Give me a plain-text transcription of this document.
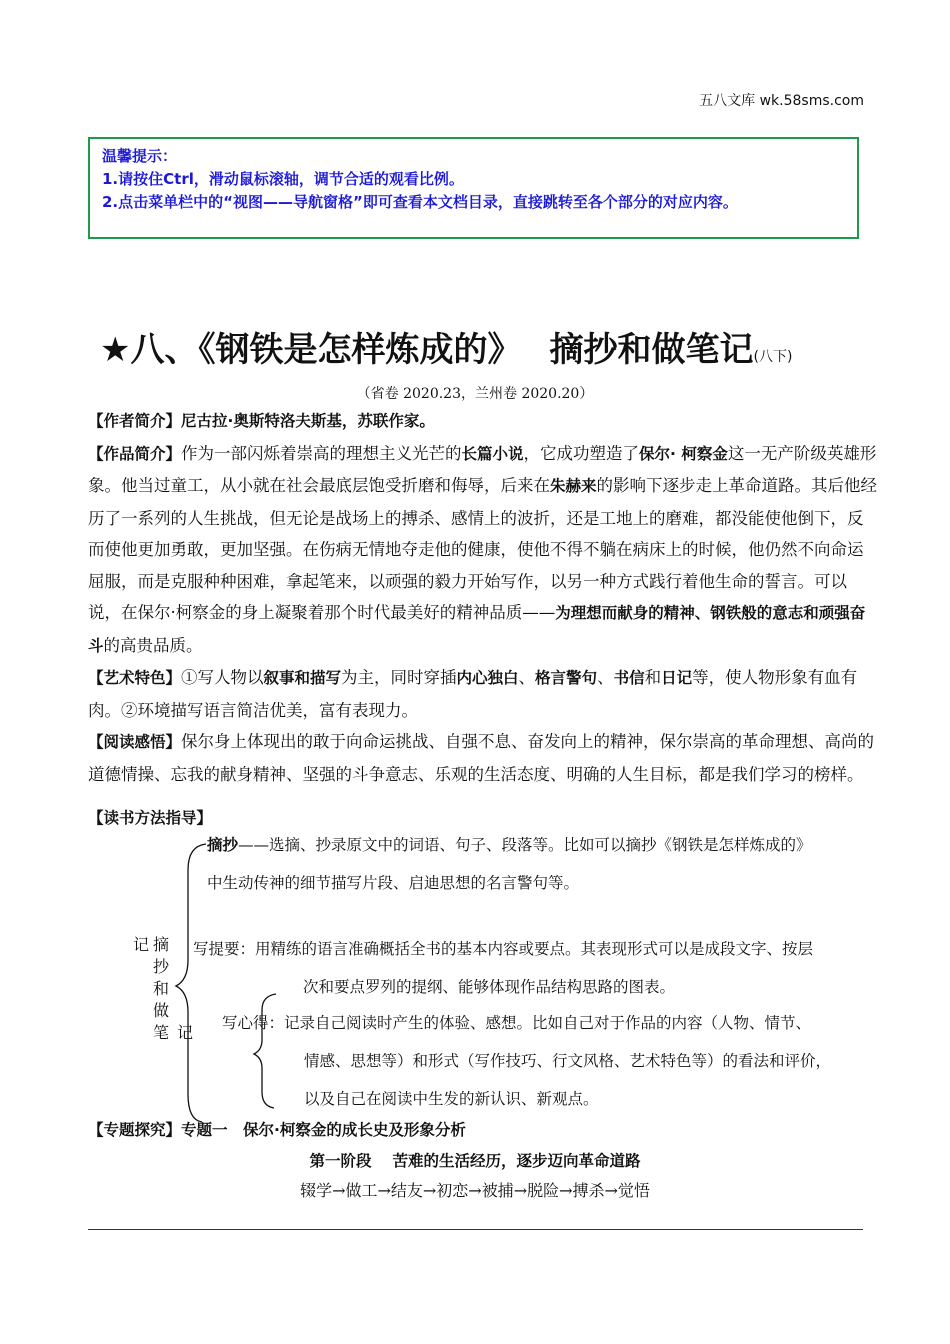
五八文库 wk.58sms.com
温馨提示：
1.请按住Ctrl，滑动鼠标滚轴，调节合适的观看比例。
2.点击菜单栏中的“视图——导航窗格”即可查看本文档目录，直接跳转至各个部分的对应内容。
★八、《钢铁是怎样炼成的》 摘抄和做笔记(八下)
（省卷 2020.23，兰州卷 2020.20）

【作者简介】尼古拉·奥斯特洛夫斯基，苏联作家。

【作品简介】作为一部闪烁着崇高的理想主义光芒的长篇小说，它成功塑造了保尔· 柯察金这一无产阶级英雄形象。他当过童工，从小就在社会最底层饱受折磨和侮辱，后来在朱赫来的影响下逐步走上革命道路。其后他经历了一系列的人生挑战，但无论是战场上的搏杀、感情上的波折，还是工地上的磨难，都没能使他倒下，反而使他更加勇敢，更加坚强。在伤病无情地夺走他的健康，使他不得不躺在病床上的时候，他仍然不向命运屈服，而是克服种种困难，拿起笔来，以顽强的毅力开始写作，以另一种方式践行着他生命的誓言。可以说，在保尔·柯察金的身上凝聚着那个时代最美好的精神品质——为理想而献身的精神、钢铁般的意志和顽强奋斗的高贵品质。

【艺术特色】①写人物以叙事和描写为主，同时穿插内心独白、格言警句、书信和日记等，使人物形象有血有肉。②环境描写语言简洁优美，富有表现力。

【阅读感悟】保尔身上体现出的敢于向命运挑战、自强不息、奋发向上的精神，保尔崇高的革命理想、高尚的道德情操、忘我的献身精神、坚强的斗争意志、乐观的生活态度、明确的人生目标，都是我们学习的榜样。

【读书方法指导】
记 摘
抄
和
做
笔 记
摘抄——选摘、抄录原文中的词语、句子、段落等。比如可以摘抄《钢铁是怎样炼成的》
中生动传神的细节描写片段、启迪思想的名言警句等。
写提要：用精练的语言准确概括全书的基本内容或要点。其表现形式可以是成段文字、按层
次和要点罗列的提纲、能够体现作品结构思路的图表。
写心得：记录自己阅读时产生的体验、感想。比如自己对于作品的内容（人物、情节、
情感、思想等）和形式（写作技巧、行文风格、艺术特色等）的看法和评价，
以及自己在阅读中生发的新认识、新观点。
【专题探究】专题一　保尔·柯察金的成长史及形象分析
第一阶段　 苦难的生活经历，逐步迈向革命道路
辍学→做工→结友→初恋→被捕→脱险→搏杀→觉悟
